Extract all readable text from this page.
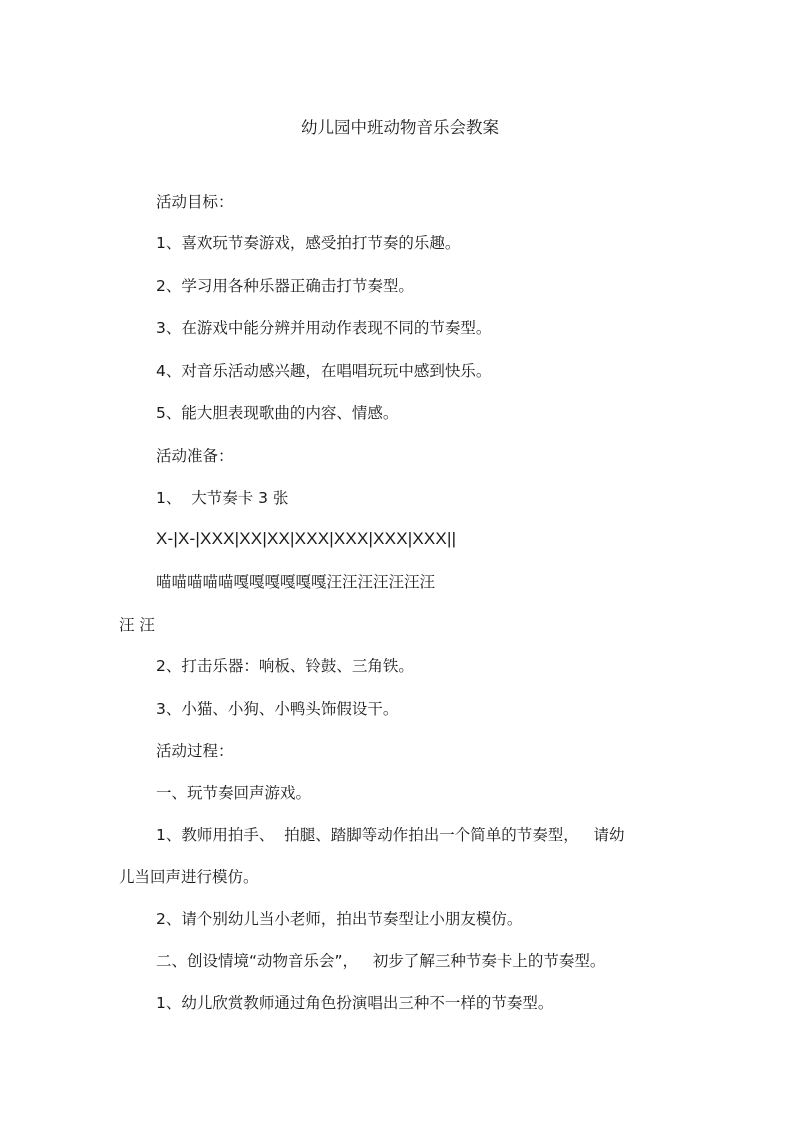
幼儿园中班动物音乐会教案
活动目标：
1、喜欢玩节奏游戏，感受拍打节奏的乐趣。
2、学习用各种乐器正确击打节奏型。
3、在游戏中能分辨并用动作表现不同的节奏型。
4、对音乐活动感兴趣，在唱唱玩玩中感到快乐。
5、能大胆表现歌曲的内容、情感。
活动准备：
1、  大节奏卡 3 张
X-|X-|XXX|XX|XX|XXX|XXX|XXX|XXX||
喵喵喵喵喵嘎嘎嘎嘎嘎嘎汪汪汪汪汪汪汪
汪 汪
2、打击乐器：响板、铃鼓、三角铁。
3、小猫、小狗、小鸭头饰假设干。
活动过程：
一、玩节奏回声游戏。
1、教师用拍手、  拍腿、踏脚等动作拍出一个简单的节奏型，   请幼
儿当回声进行模仿。
2、请个别幼儿当小老师，拍出节奏型让小朋友模仿。
二、创设情境“动物音乐会”，   初步了解三种节奏卡上的节奏型。
1、幼儿欣赏教师通过角色扮演唱出三种不一样的节奏型。
